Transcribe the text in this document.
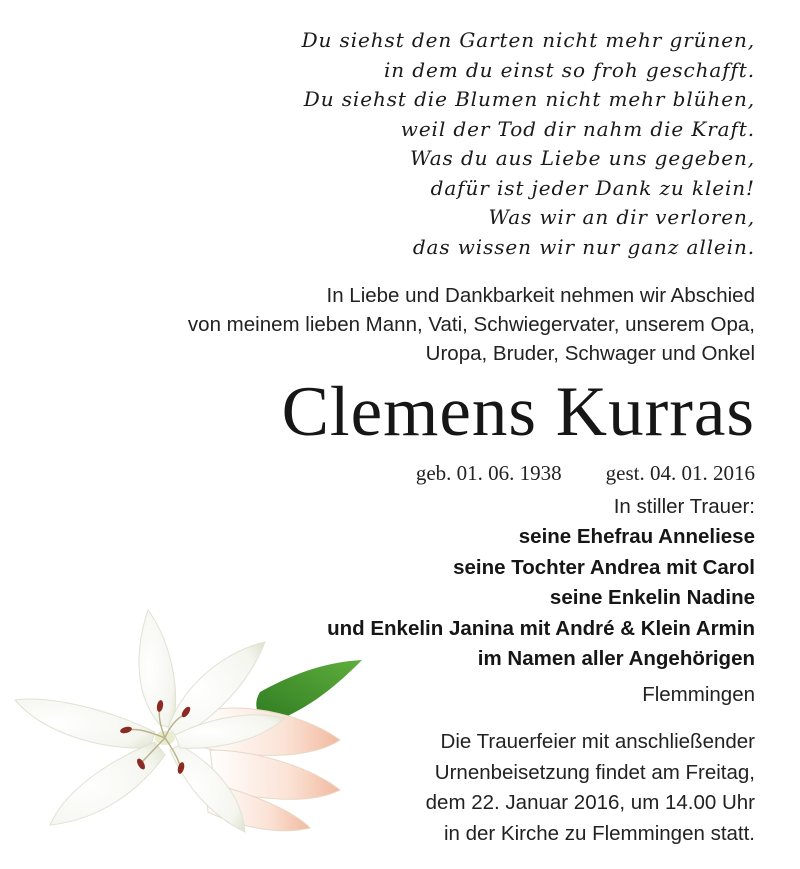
Du siehst den Garten nicht mehr grünen,
in dem du einst so froh geschafft.
Du siehst die Blumen nicht mehr blühen,
weil der Tod dir nahm die Kraft.
Was du aus Liebe uns gegeben,
dafür ist jeder Dank zu klein!
Was wir an dir verloren,
das wissen wir nur ganz allein.
In Liebe und Dankbarkeit nehmen wir Abschied
von meinem lieben Mann, Vati, Schwiegervater, unserem Opa,
Uropa, Bruder, Schwager und Onkel
Clemens Kurras
geb. 01. 06. 1938 gest. 04. 01. 2016
In stiller Trauer:
seine Ehefrau Anneliese
seine Tochter Andrea mit Carol
seine Enkelin Nadine
und Enkelin Janina mit André & Klein Armin
im Namen aller Angehörigen
Flemmingen
Die Trauerfeier mit anschließender
Urnenbeisetzung findet am Freitag,
dem 22. Januar 2016, um 14.00 Uhr
in der Kirche zu Flemmingen statt.
